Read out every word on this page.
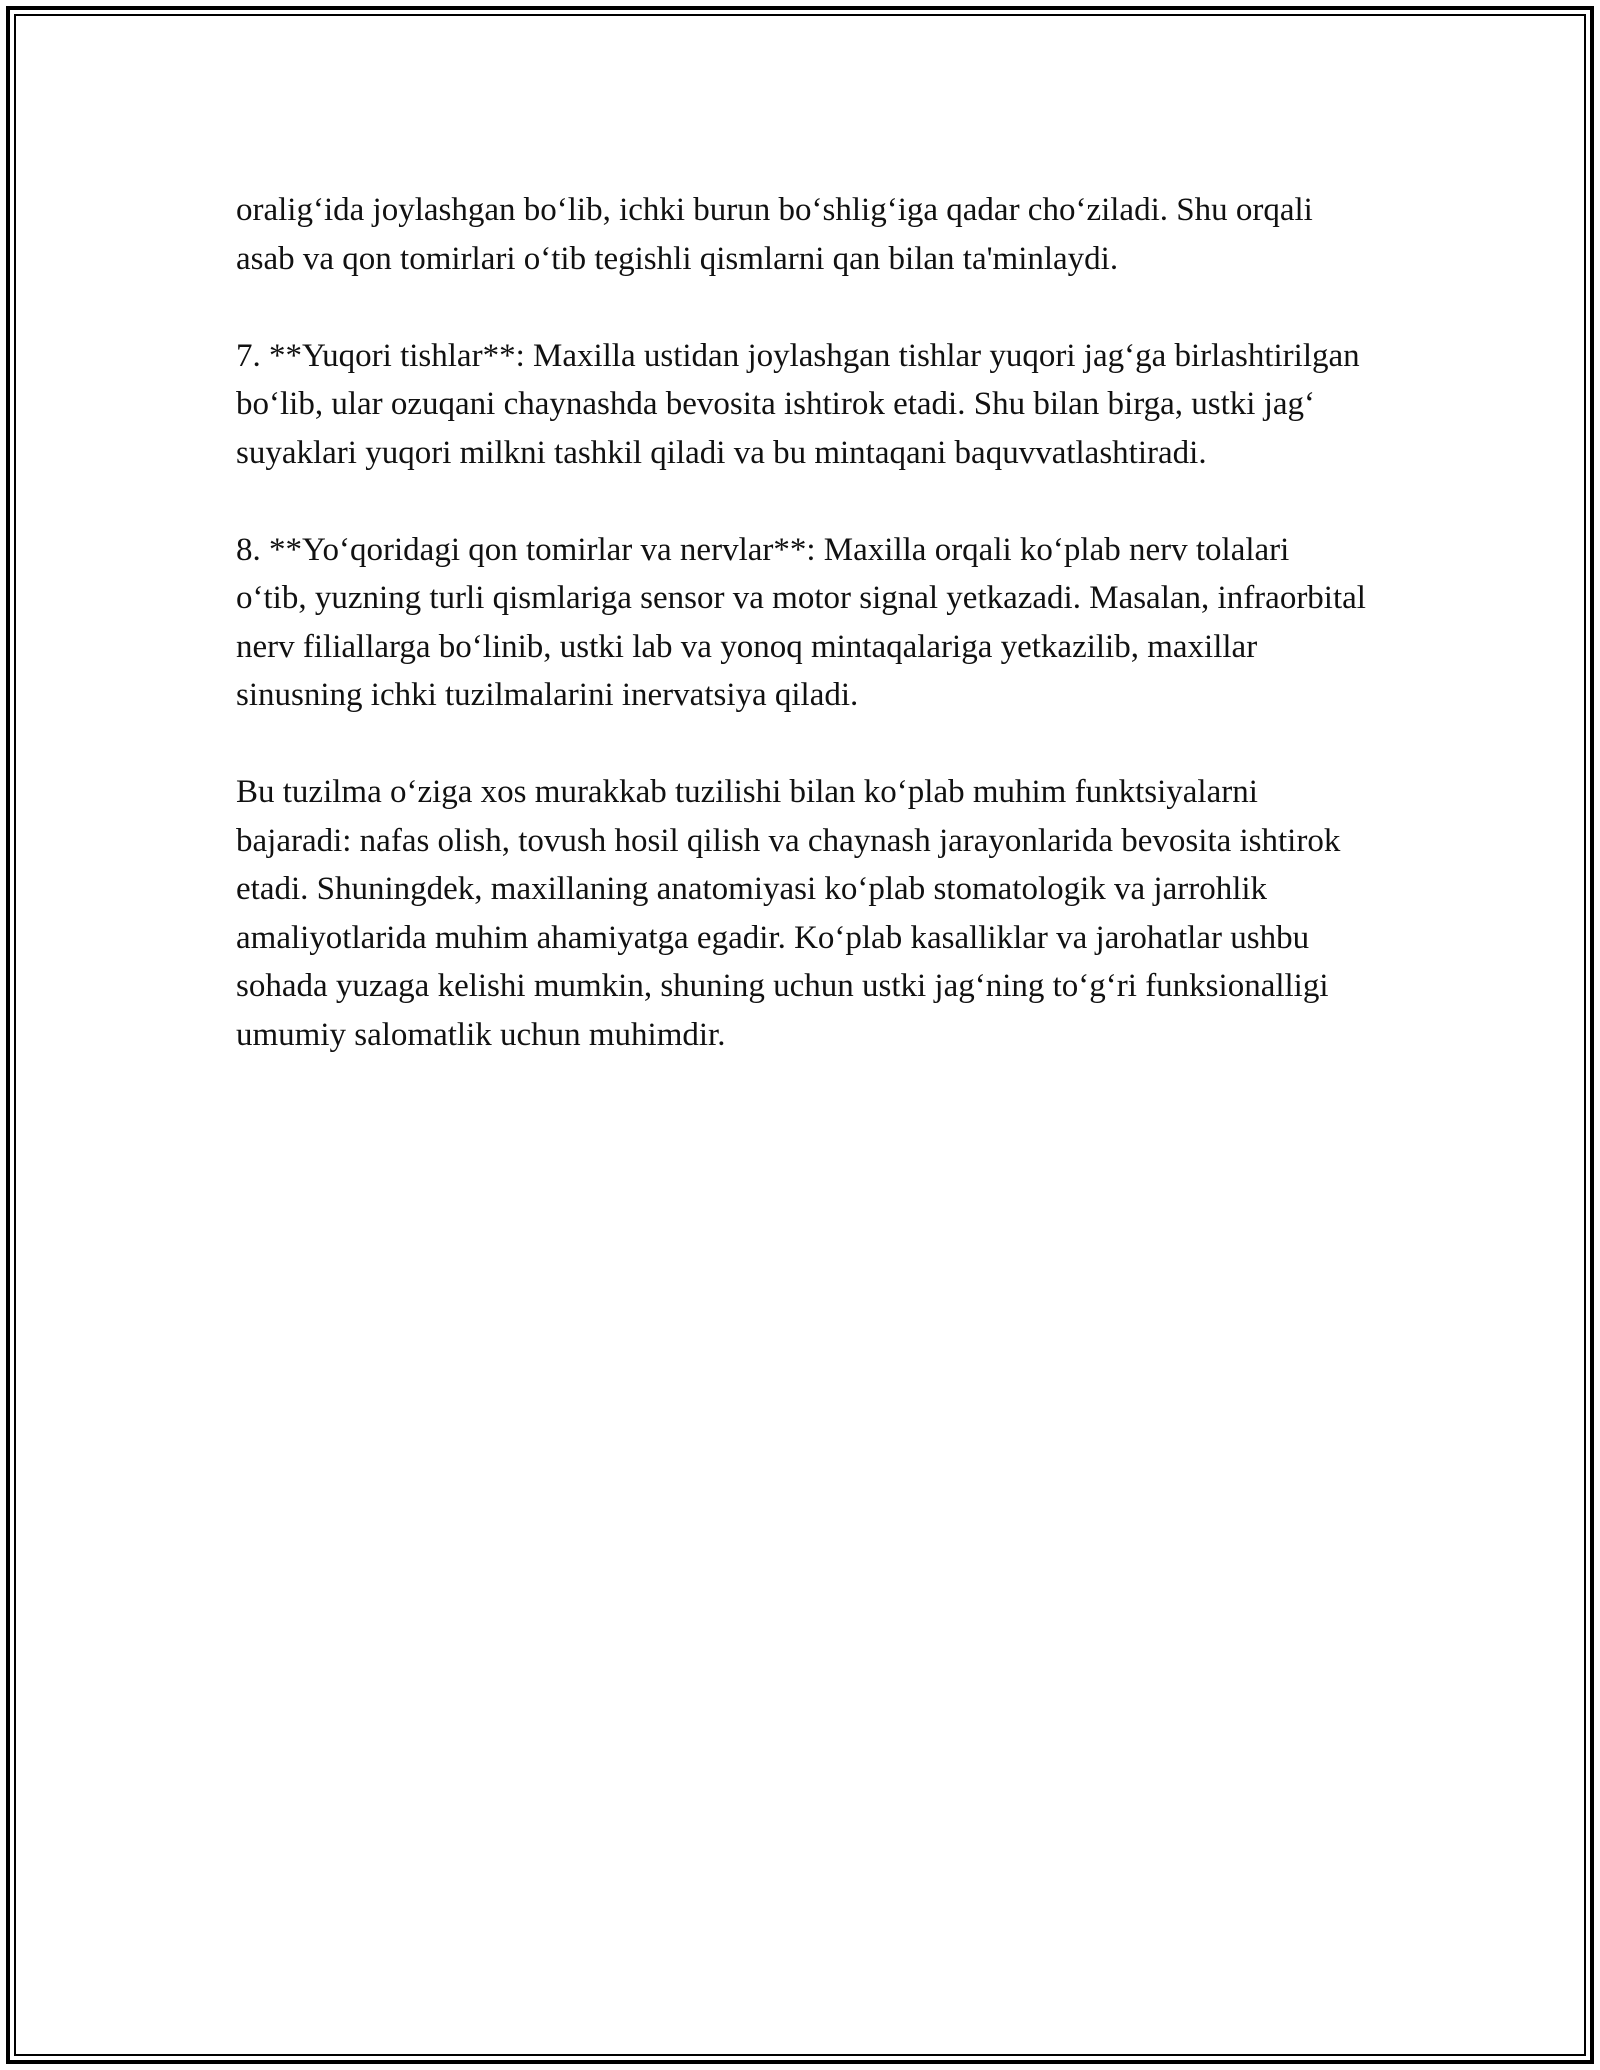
oralig‘ida joylashgan bo‘lib, ichki burun bo‘shlig‘iga qadar cho‘ziladi. Shu orqali asab va qon tomirlari o‘tib tegishli qismlarni qan bilan ta'minlaydi.

7. **Yuqori tishlar**: Maxilla ustidan joylashgan tishlar yuqori jag‘ga birlashtirilgan bo‘lib, ular ozuqani chaynashda bevosita ishtirok etadi. Shu bilan birga, ustki jag‘ suyaklari yuqori milkni tashkil qiladi va bu mintaqani baquvvatlashtiradi.

8. **Yo‘qoridagi qon tomirlar va nervlar**: Maxilla orqali ko‘plab nerv tolalari o‘tib, yuzning turli qismlariga sensor va motor signal yetkazadi. Masalan, infraorbital nerv filiallarga bo‘linib, ustki lab va yonoq mintaqalariga yetkazilib, maxillar sinusning ichki tuzilmalarini inervatsiya qiladi.

Bu tuzilma o‘ziga xos murakkab tuzilishi bilan ko‘plab muhim funktsiyalarni bajaradi: nafas olish, tovush hosil qilish va chaynash jarayonlarida bevosita ishtirok etadi. Shuningdek, maxillaning anatomiyasi ko‘plab stomatologik va jarrohlik amaliyotlarida muhim ahamiyatga egadir. Ko‘plab kasalliklar va jarohatlar ushbu sohada yuzaga kelishi mumkin, shuning uchun ustki jag‘ning to‘g‘ri funksionalligi umumiy salomatlik uchun muhimdir.
